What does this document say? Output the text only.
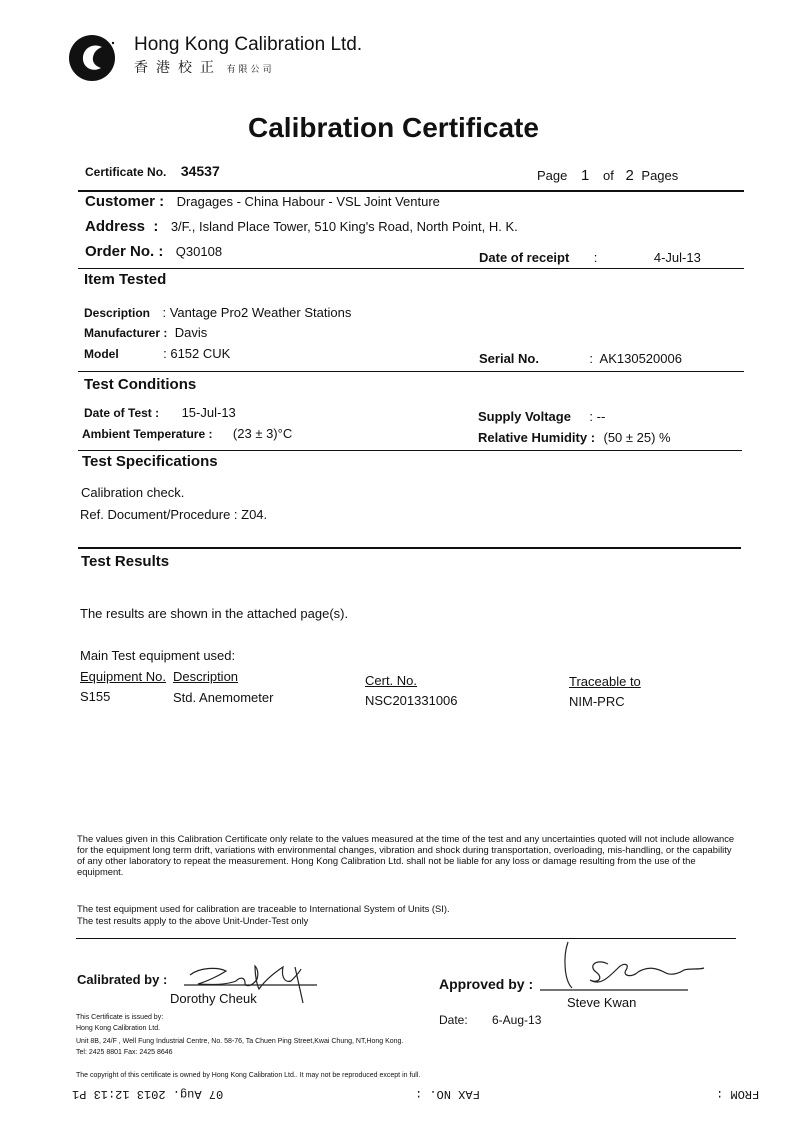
Hong Kong Calibration Ltd.
香港校正 有限公司
Calibration Certificate
Certificate No. 34537	Page 1 of 2 Pages
Customer : Dragages - China Habour - VSL Joint Venture
Address  : 3/F., Island Place Tower, 510 King's Road, North Point, H. K.
Order No. : Q30108	Date of receipt :	4-Jul-13
Item Tested
Description : Vantage Pro2 Weather Stations
Manufacturer : Davis
Model	: 6152 CUK	Serial No.	:  AK130520006
Test Conditions
Date of Test : 15-Jul-13	Supply Voltage : --
Ambient Temperature : (23 ± 3)°C	Relative Humidity : (50 ± 25) %
Test Specifications
Calibration check.
Ref. Document/Procedure : Z04.
Test Results
The results are shown in the attached page(s).
Main Test equipment used:
Equipment No. Description	Cert. No.	Traceable to
S155	Std. Anemometer	NSC201331006	NIM-PRC
The values given in this Calibration Certificate only relate to the values measured at the time of the test and any uncertainties quoted will not include allowance for the equipment long term drift, variations with environmental changes, vibration and shock during transportation, overloading, mis-handling, or the capability of any other laboratory to repeat the measurement. Hong Kong Calibration Ltd. shall not be liable for any loss or damage resulting from the use of the equipment.
The test equipment used for calibration are traceable to International System of Units (SI).
The test results apply to the above Unit-Under-Test only
Calibrated by :
Dorothy Cheuk
Approved by :
Steve Kwan
Date: 6-Aug-13
This Certificate is issued by:
Hong Kong Calibration Ltd.
Unit 8B, 24/F , Well Fung Industrial Centre, No. 58-76, Ta Chuen Ping Street,Kwai Chung, NT,Hong Kong.
Tel: 2425 8801 Fax: 2425 8646
The copyright of this certificate is owned by Hong Kong Calibration Ltd.. It may not be reproduced except in full.
07 Aug. 2013 12:13 P1	FAX NO. :	FROM :
